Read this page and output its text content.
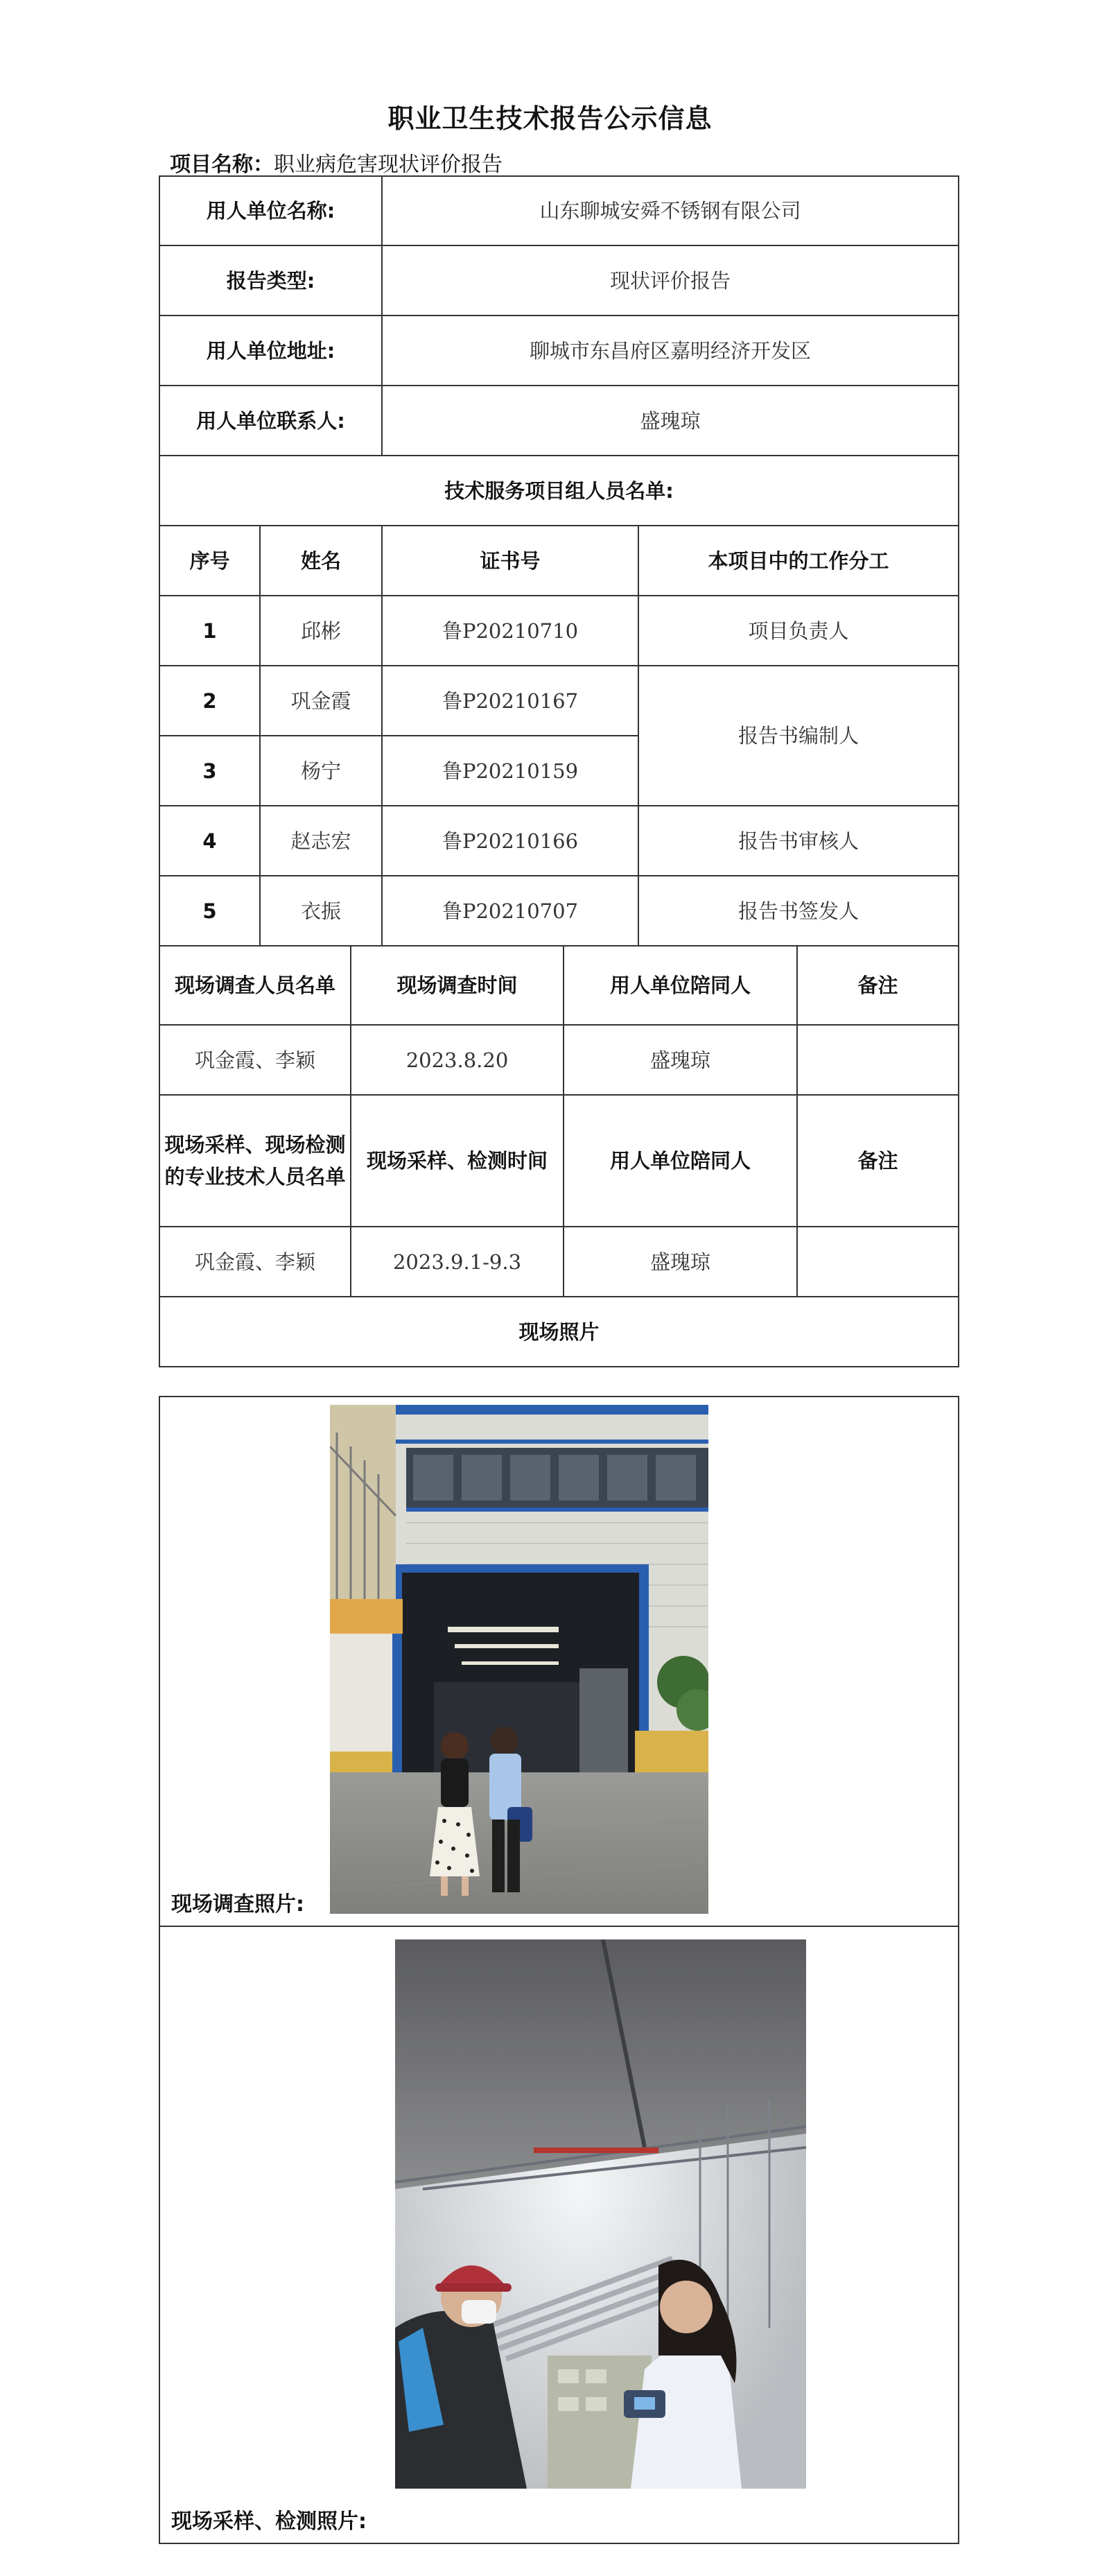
职业卫生技术报告公示信息
项目名称：职业病危害现状评价报告
用人单位名称:			山东聊城安舜不锈钢有限公司			
报告类型:			现状评价报告			
用人单位地址:			聊城市东昌府区嘉明经济开发区			
用人单位联系人:			盛瑰琼			
技术服务项目组人员名单:						
序号	姓名		证书号		本项目中的工作分工	
1	邱彬		鲁P20210710		项目负责人	
2	巩金霞		鲁P20210167		报告书编制人	
3	杨宁		鲁P20210159			
4	赵志宏		鲁P20210166		报告书审核人	
5	衣振		鲁P20210707		报告书签发人	
现场调查人员名单		现场调查时间		用人单位陪同人		备注
巩金霞、李颖		2023.8.20		盛瑰琼		
现场采样、现场检测的专业技术人员名单		现场采样、检测时间		用人单位陪同人		备注
巩金霞、李颖		2023.9.1-9.3		盛瑰琼		
现场照片						
现场调查照片:

现场采样、检测照片:
